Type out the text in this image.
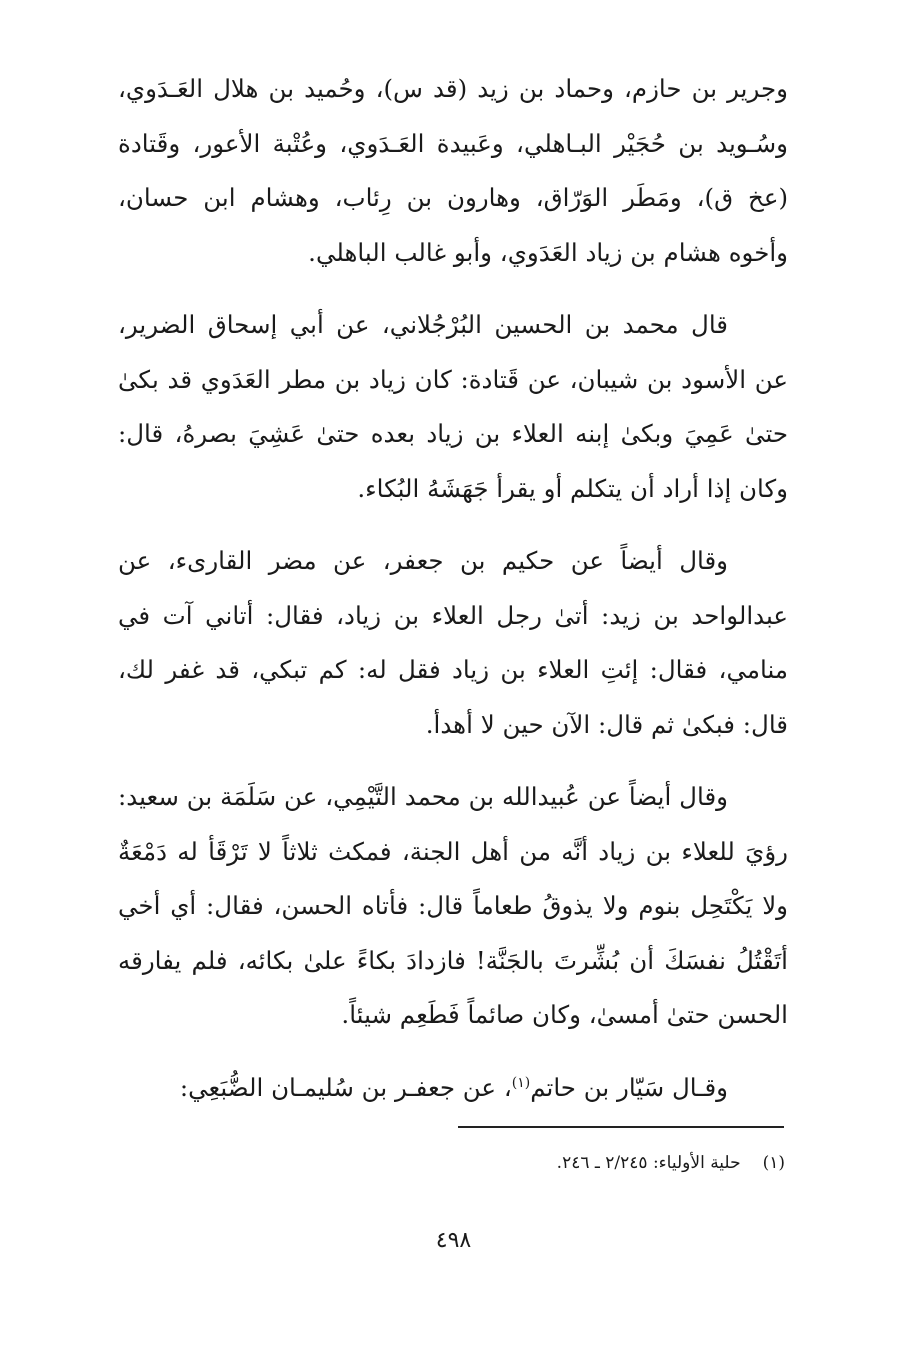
وجرير بن حازم، وحماد بن زيد (قد س)، وحُميد بن هلال العَـدَوي، وسُـويد بن حُجَيْر البـاهلي، وعَبيدة العَـدَوي، وعُتْبة الأعور، وقَتادة (عخ ق)، ومَطَر الوَرّاق، وهارون بن رِئاب، وهشام ابن حسان، وأخوه هشام بن زياد العَدَوي، وأبو غالب الباهلي.

قال محمد بن الحسين البُرْجُلاني، عن أبي إسحاق الضرير، عن الأسود بن شيبان، عن قَتادة: كان زياد بن مطر العَدَوي قد بكىٰ حتىٰ عَمِيَ وبكىٰ إبنه العلاء بن زياد بعده حتىٰ عَشِيَ بصرهُ، قال: وكان إذا أراد أن يتكلم أو يقرأ جَهَشَهُ البُكاء.

وقال أيضاً عن حكيم بن جعفر، عن مضر القارىء، عن عبدالواحد بن زيد: أتىٰ رجل العلاء بن زياد، فقال: أتاني آت في منامي، فقال: إئتِ العلاء بن زياد فقل له: كم تبكي، قد غفر لك، قال: فبكىٰ ثم قال: الآن حين لا أهدأ.

وقال أيضاً عن عُبيدالله بن محمد التَّيْمِي، عن سَلَمَة بن سعيد: رؤيَ للعلاء بن زياد أنَّه من أهل الجنة، فمكث ثلاثاً لا تَرْقَأ له دَمْعَةٌ ولا يَكْتَحِل بنوم ولا يذوقُ طعاماً قال: فأتاه الحسن، فقال: أي أخي أتَقْتُلُ نفسَكَ أن بُشِّرتَ بالجَنَّة! فازدادَ بكاءً علىٰ بكائه، فلم يفارقه الحسن حتىٰ أمسىٰ، وكان صائماً فَطَعِم شيئاً.

وقـال سَيّار بن حاتم$^{(١)}$، عن جعفـر بن سُليمـان الضُّبَعِي:

(١)حلية الأولياء: ٢/٢٤٥ ـ ٢٤٦.
٤٩٨
